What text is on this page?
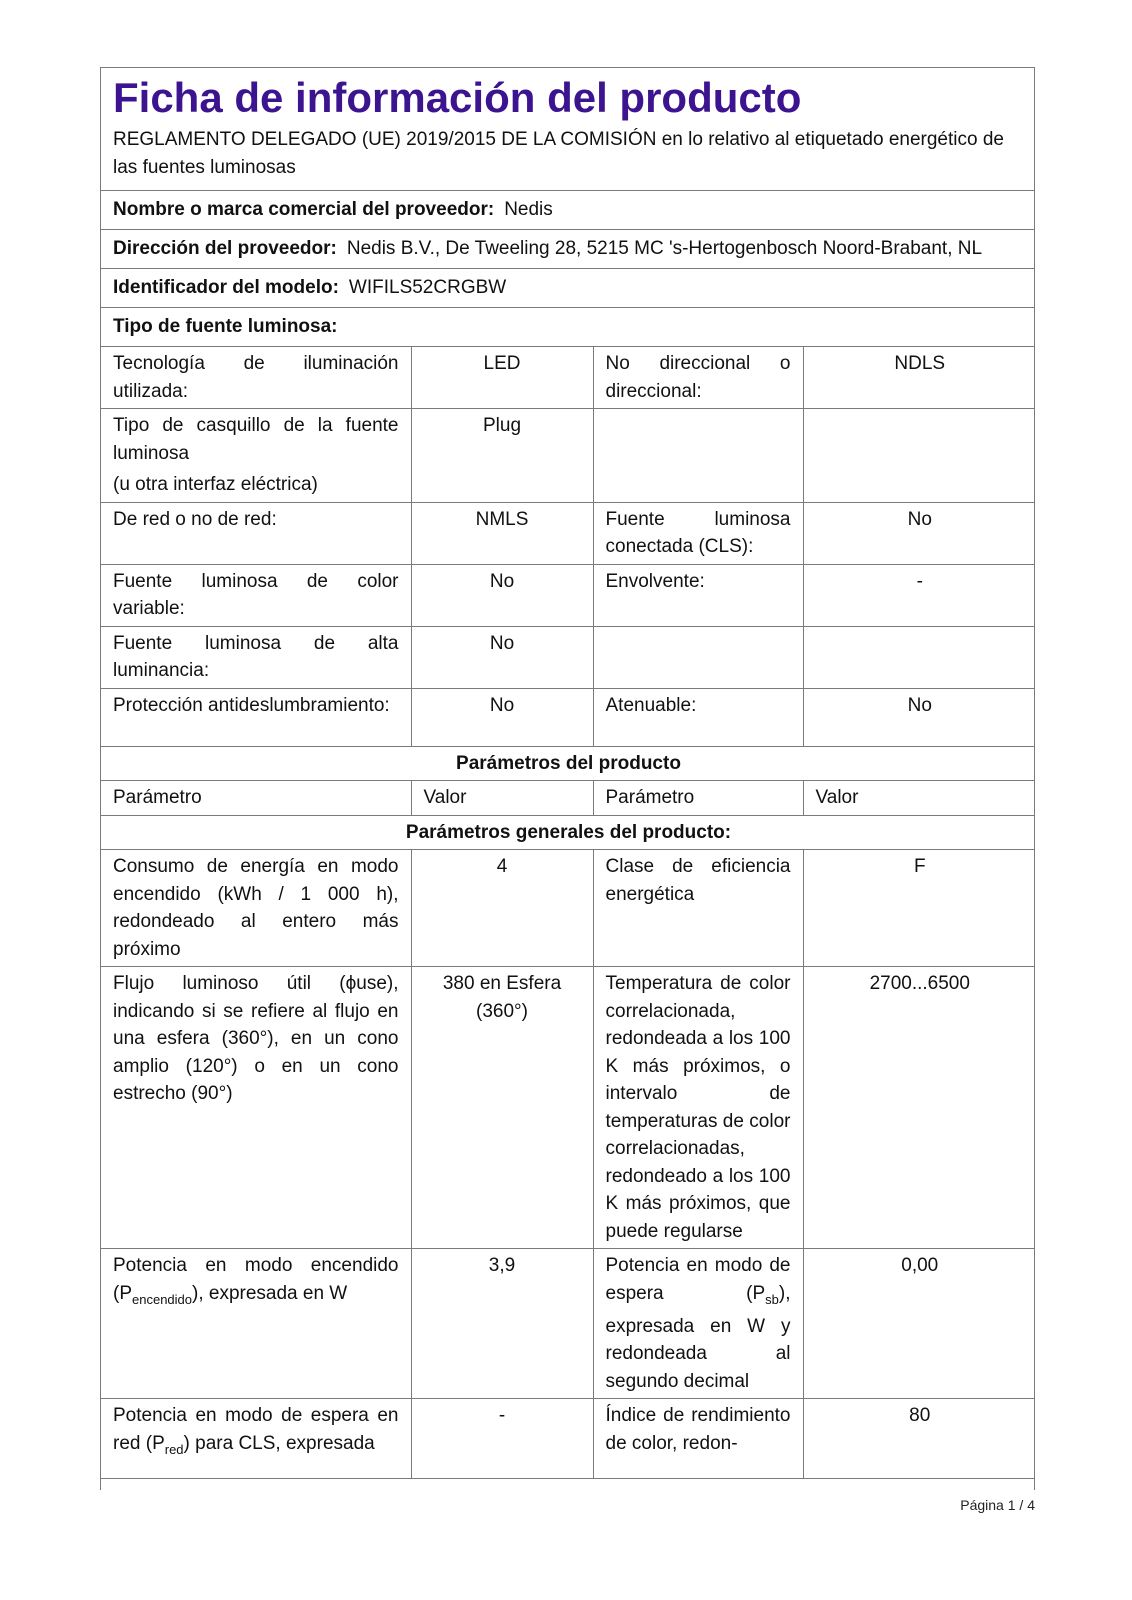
Ficha de información del producto
REGLAMENTO DELEGADO (UE) 2019/2015 DE LA COMISIÓN en lo relativo al etiquetado energético de las fuentes luminosas
Nombre o marca comercial del proveedor: Nedis
Dirección del proveedor: Nedis B.V., De Tweeling 28, 5215 MC 's-Hertogenbosch Noord-Brabant, NL
Identificador del modelo: WIFILS52CRGBW
Tipo de fuente luminosa:
Tecnología de iluminación utilizada:	LED	No direccional o direccional:	NDLS

Tipo de casquillo de la fuente luminosa
(u otra interfaz eléctrica)	Plug		
De red o no de red:	NMLS	Fuente luminosa conectada (CLS):	No
Fuente luminosa de color variable:	No	Envolvente:	-
Fuente luminosa de alta luminancia:	No		
Protección antideslumbramiento:	No	Atenuable:	No
Parámetros del producto			
Parámetro	Valor	Parámetro	Valor
Parámetros generales del producto:			
Consumo de energía en modo encendido (kWh / 1 000 h), redondeado al entero más próximo	4	Clase de eficiencia energética	F
Flujo luminoso útil (ϕuse), indicando si se refiere al flujo en una esfera (360°), en un cono amplio (120°) o en un cono estrecho (90°)	380 en Esfera (360°)	Temperatura de color correlacionada, redondeada a los 100 K más próximos, o intervalo de temperaturas de color correlacionadas, redondeado a los 100 K más próximos, que puede regularse	2700...6500
Potencia en modo encendido $(P_{encendido})$, expresada en W	3,9	Potencia en modo de espera $(P_{sb})$, expresada en W y redondeada al segundo decimal	0,00
Potencia en modo de espera en red $(P_{red})$ para CLS, expresada	-	Índice de rendimiento de color, redon-	80
Página 1 / 4
